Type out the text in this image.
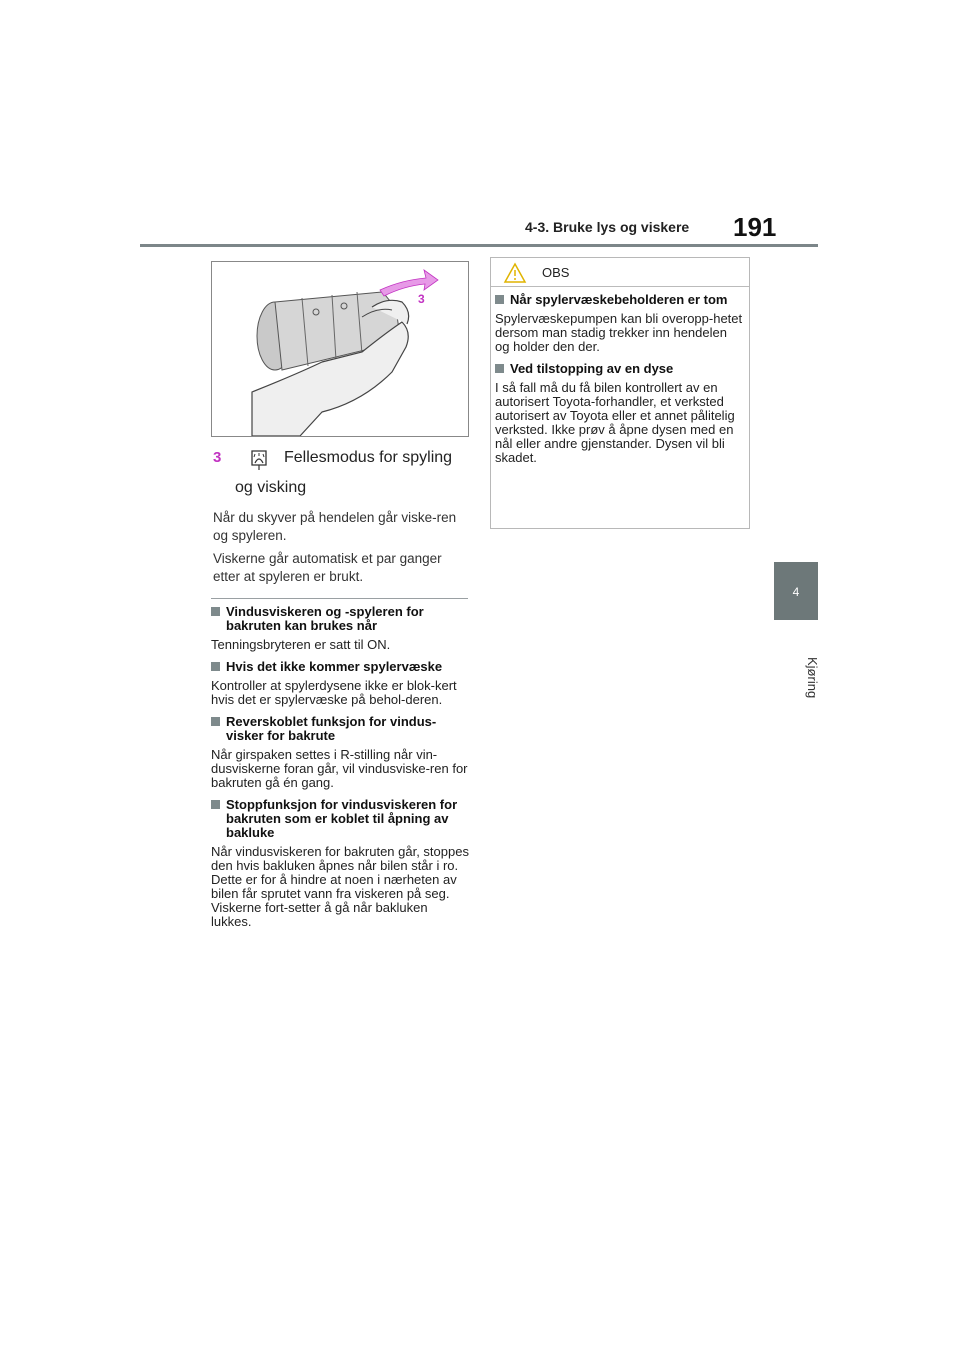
4-3. Bruke lys og viskere 191
4
Kjøring
3
3	Fellesmodus for spyling
og visking
Når du skyver på hendelen går viske-ren og spyleren.
Viskerne går automatisk et par ganger etter at spyleren er brukt.
Vindusviskeren og -spyleren for bakruten kan brukes når
Tenningsbryteren er satt til ON.
Hvis det ikke kommer spylervæske
Kontroller at spylerdysene ikke er blok-kert hvis det er spylervæske på behol-deren.
Reverskoblet funksjon for vindus-visker for bakrute
Når girspaken settes i R-stilling når vin-dusviskerne foran går, vil vindusviske-ren for bakruten gå én gang.
Stoppfunksjon for vindusviskeren for bakruten som er koblet til åpning av bakluke
Når vindusviskeren for bakruten går, stoppes den hvis bakluken åpnes når bilen står i ro. Dette er for å hindre at noen i nærheten av bilen får sprutet vann fra viskeren på seg. Viskerne fort-setter å gå når bakluken lukkes.
OBS
Når spylervæskebeholderen er tom
Spylervæskepumpen kan bli overopp-hetet dersom man stadig trekker inn hendelen og holder den der.
Ved tilstopping av en dyse
I så fall må du få bilen kontrollert av en autorisert Toyota-forhandler, et verksted autorisert av Toyota eller et annet pålitelig verksted. Ikke prøv å åpne dysen med en nål eller andre gjenstander. Dysen vil bli skadet.
